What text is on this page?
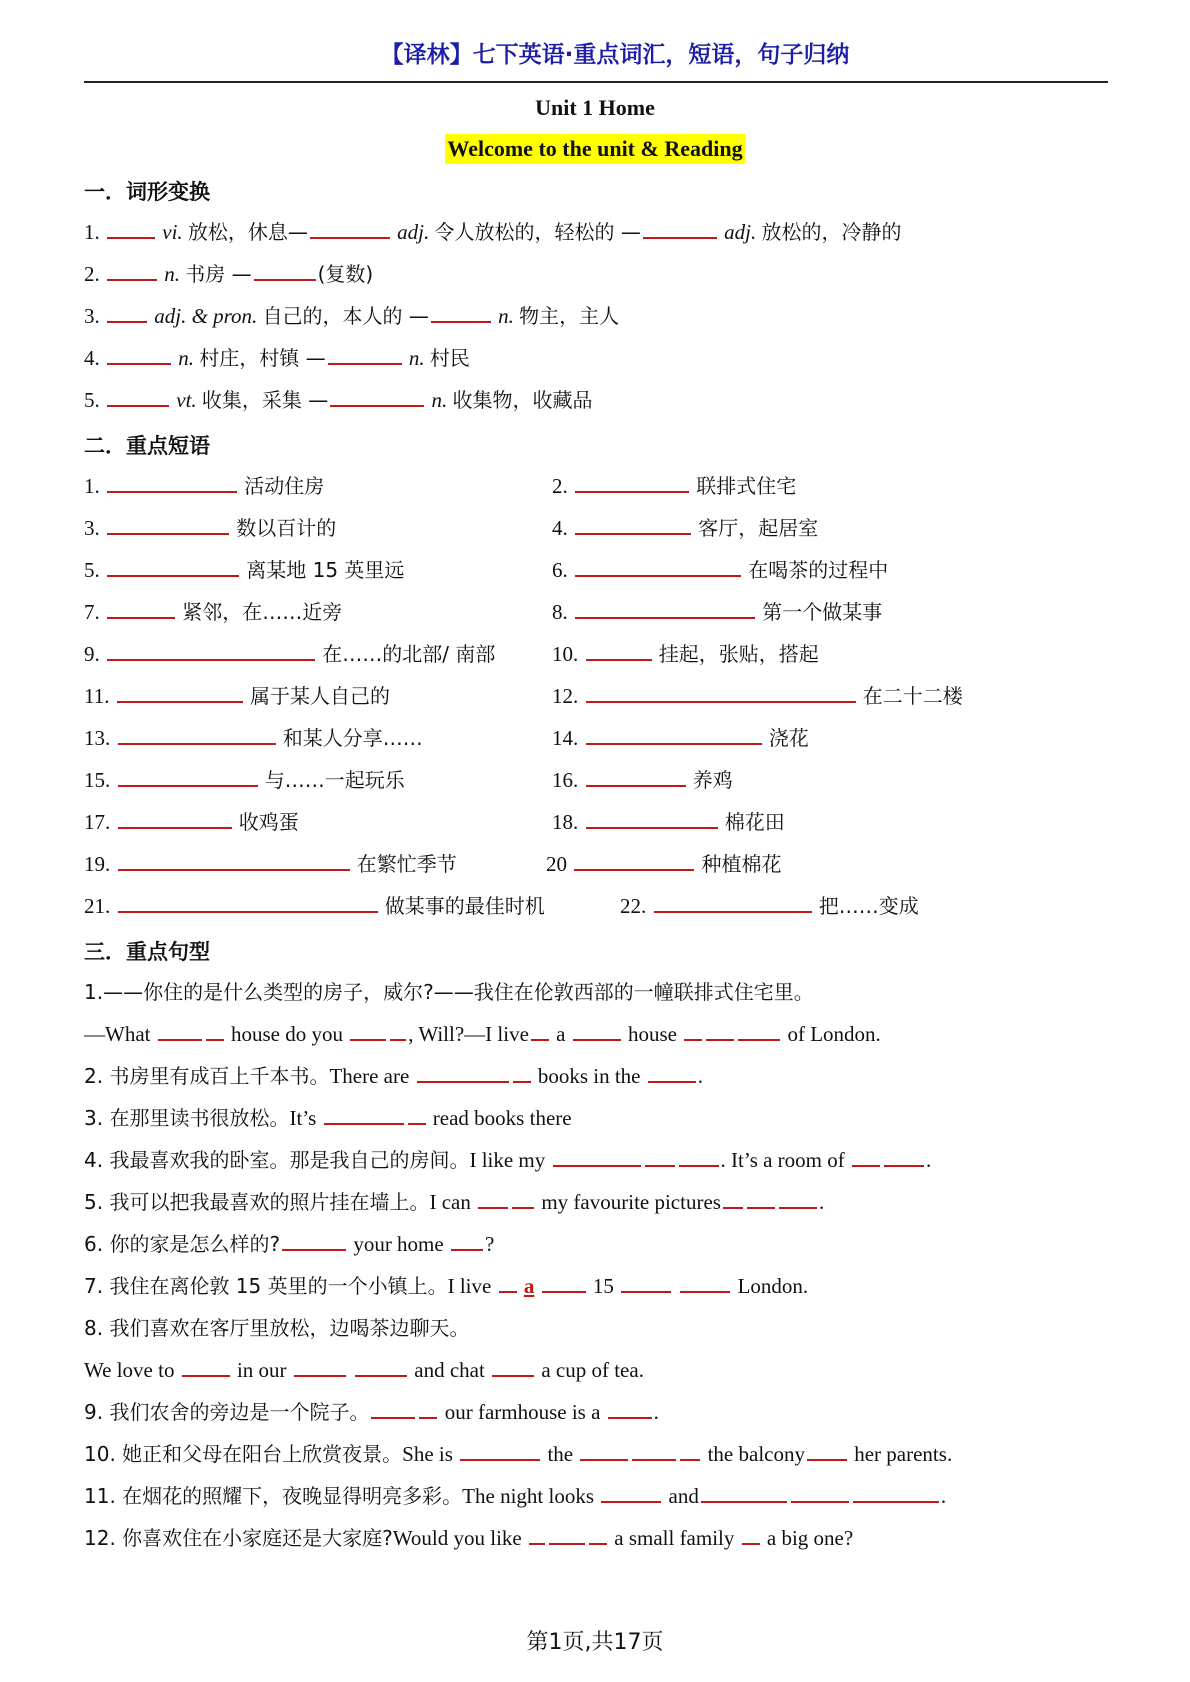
【译林】七下英语·重点词汇，短语，句子归纳
Unit 1 Home
Welcome to the unit & Reading
一．词形变换
1.	vi. 放松，休息—	adj. 令人放松的，轻松的 —	adj. 放松的，冷静的
2.	n. 书房 —	(复数)
3.	adj. & pron. 自己的，本人的 —	n. 物主，主人
4.	n. 村庄，村镇 —	n. 村民
5.	vt. 收集，采集 —	n. 收集物，收藏品
二．重点短语
1.	活动住房	2.	联排式住宅
3.	数以百计的	4.	客厅，起居室
5.	离某地 15 英里远	6.	在喝茶的过程中
7.	紧邻，在……近旁	8.	第一个做某事
9.	在……的北部/ 南部	10.	挂起，张贴，搭起
11.	属于某人自己的	12.	在二十二楼
13.	和某人分享……	14.	浇花
15.	与……一起玩乐	16.	养鸡
17.	收鸡蛋	18.	棉花田
19.	在繁忙季节	20	种植棉花
21.	做某事的最佳时机	22.	把……变成
三．重点句型
1.——你住的是什么类型的房子，威尔?——我住在伦敦西部的一幢联排式住宅里。
—What	house do you	, Will?—I live a	house	of London.
2. 书房里有成百上千本书。There are	books in the	.
3. 在那里读书很放松。It’s	read books there
4. 我最喜欢我的卧室。那是我自己的房间。I like my	. It’s a room of	.
5. 我可以把我最喜欢的照片挂在墙上。I can	my favourite pictures	.
6. 你的家是怎么样的?	your home ?
7. 我住在离伦敦 15 英里的一个小镇上。I live a	15	London.
8. 我们喜欢在客厅里放松，边喝茶边聊天。
We love to	in our	and chat	a cup of tea.
9. 我们农舍的旁边是一个院子。	our farmhouse is a	.
10. 她正和父母在阳台上欣赏夜景。She is	the	the balcony her parents.
11. 在烟花的照耀下，夜晚显得明亮多彩。The night looks	and	.
12. 你喜欢住在小家庭还是大家庭?Would you like	a small family a big one?
第1页,共17页
